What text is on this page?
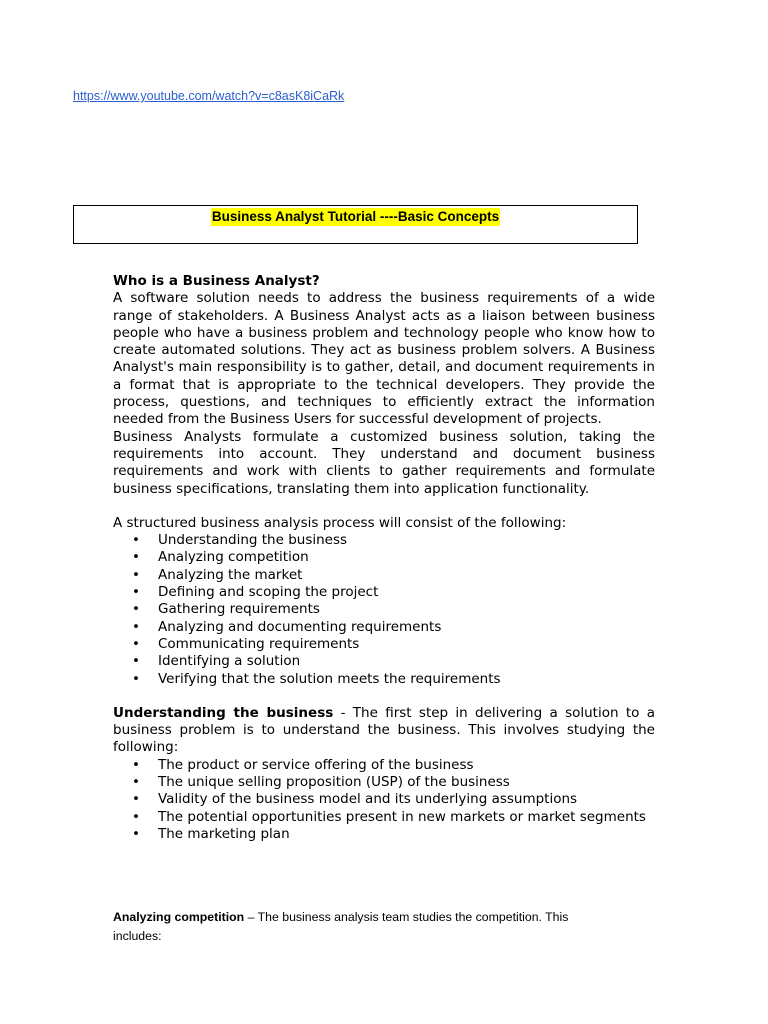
https://www.youtube.com/watch?v=c8asK8iCaRk
Business Analyst Tutorial ----Basic Concepts

Who is a Business Analyst?

A software solution needs to address the business requirements of a wide range of stakeholders. A Business Analyst acts as a liaison between business people who have a business problem and technology people who know how to create automated solutions. They act as business problem solvers. A Business Analyst's main responsibility is to gather, detail, and document requirements in a format that is appropriate to the technical developers. They provide the process, questions, and techniques to efficiently extract the information needed from the Business Users for successful development of projects.

Business Analysts formulate a customized business solution, taking the requirements into account. They understand and document business requirements and work with clients to gather requirements and formulate business specifications, translating them into application functionality.

A structured business analysis process will consist of the following:

• Understanding the business
• Analyzing competition
• Analyzing the market
• Defining and scoping the project
• Gathering requirements
• Analyzing and documenting requirements
• Communicating requirements
• Identifying a solution
• Verifying that the solution meets the requirements

Understanding the business - The first step in delivering a solution to a business problem is to understand the business. This involves studying the following:

• The product or service offering of the business
• The unique selling proposition (USP) of the business
• Validity of the business model and its underlying assumptions
• The potential opportunities present in new markets or market segments
• The marketing plan

Analyzing competition – The business analysis team studies the competition. This includes:
